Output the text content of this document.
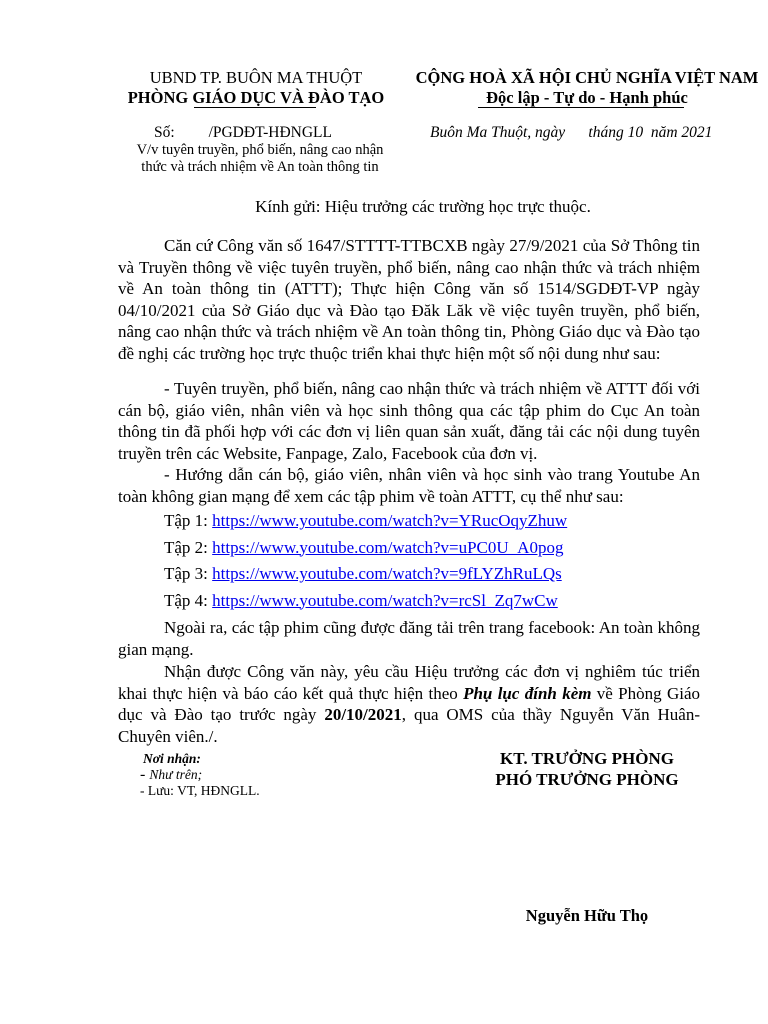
UBND TP. BUÔN MA THUỘT
PHÒNG GIÁO DỤC VÀ ĐÀO TẠO
CỘNG HOÀ XÃ HỘI CHỦ NGHĨA VIỆT NAM
Độc lập - Tự do - Hạnh phúc
Số: /PGDĐT-HĐNGLL
V/v tuyên truyền, phổ biến, nâng cao nhận
thức và trách nhiệm về An toàn thông tin
Buôn Ma Thuột, ngày      tháng 10  năm 2021
Kính gửi: Hiệu trưởng các trường học trực thuộc.
Căn cứ Công văn số 1647/STTTT-TTBCXB ngày 27/9/2021 của Sở Thông tin và Truyền thông về việc tuyên truyền, phổ biến, nâng cao nhận thức và trách nhiệm về An toàn thông tin (ATTT); Thực hiện Công văn số 1514/SGDĐT-VP ngày 04/10/2021 của Sở Giáo dục và Đào tạo Đăk Lăk về việc tuyên truyền, phổ biến, nâng cao nhận thức và trách nhiệm về An toàn thông tin, Phòng Giáo dục và Đào tạo đề nghị các trường học trực thuộc triển khai thực hiện một số nội dung như sau:
- Tuyên truyền, phổ biến, nâng cao nhận thức và trách nhiệm về ATTT đối với cán bộ, giáo viên, nhân viên và học sinh thông qua các tập phim do Cục An toàn thông tin đã phối hợp với các đơn vị liên quan sản xuất, đăng tải các nội dung tuyên truyền trên các Website, Fanpage, Zalo, Facebook của đơn vị.
- Hướng dẫn cán bộ, giáo viên, nhân viên và học sinh vào trang Youtube An toàn không gian mạng để xem các tập phim về toàn ATTT, cụ thể như sau:
Tập 1: https://www.youtube.com/watch?v=YRucOqyZhuw
Tập 2: https://www.youtube.com/watch?v=uPC0U_A0pog
Tập 3: https://www.youtube.com/watch?v=9fLYZhRuLQs
Tập 4: https://www.youtube.com/watch?v=rcSl_Zq7wCw
Ngoài ra, các tập phim cũng được đăng tải trên trang facebook: An toàn không gian mạng.
Nhận được Công văn này, yêu cầu Hiệu trưởng các đơn vị nghiêm túc triển khai thực hiện và báo cáo kết quả thực hiện theo Phụ lục đính kèm về Phòng Giáo dục và Đào tạo trước ngày 20/10/2021, qua OMS của thầy Nguyễn Văn Huân-Chuyên viên./.
Nơi nhận:
- Như trên;
- Lưu: VT, HĐNGLL.
KT. TRƯỞNG PHÒNG
PHÓ TRƯỞNG PHÒNG
Nguyễn Hữu Thọ
